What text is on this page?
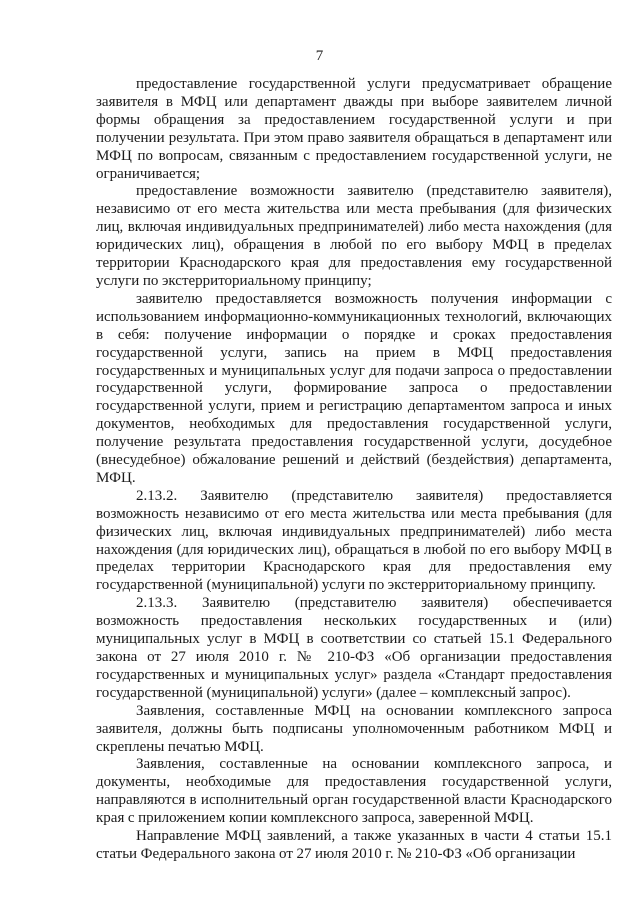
7

предоставление государственной услуги предусматривает обращение заявителя в МФЦ или департамент дважды при выборе заявителем личной формы обращения за предоставлением государственной услуги и при получении результата. При этом право заявителя обращаться в департамент или МФЦ по вопросам, связанным с предоставлением государственной услуги, не ограничивается;

предоставление возможности заявителю (представителю заявителя), независимо от его места жительства или места пребывания (для физических лиц, включая индивидуальных предпринимателей) либо места нахождения (для юридических лиц), обращения в любой по его выбору МФЦ в пределах территории Краснодарского края для предоставления ему государственной услуги по экстерриториальному принципу;

заявителю предоставляется возможность получения информации с использованием информационно-коммуникационных технологий, включающих в себя: получение информации о порядке и сроках предоставления государственной услуги, запись на прием в МФЦ предоставления государственных и муниципальных услуг для подачи запроса о предоставлении государственной услуги, формирование запроса о предоставлении государственной услуги, прием и регистрацию департаментом запроса и иных документов, необходимых для предоставления государственной услуги, получение результата предоставления государственной услуги, досудебное (внесудебное) обжалование решений и действий (бездействия) департамента, МФЦ.

2.13.2. Заявителю (представителю заявителя) предоставляется возможность независимо от его места жительства или места пребывания (для физических лиц, включая индивидуальных предпринимателей) либо места нахождения (для юридических лиц), обращаться в любой по его выбору МФЦ в пределах территории Краснодарского края для предоставления ему государственной (муниципальной) услуги по экстерриториальному принципу.

2.13.3. Заявителю (представителю заявителя) обеспечивается возможность предоставления нескольких государственных и (или) муниципальных услуг в МФЦ в соответствии со статьей 15.1 Федерального закона от 27 июля 2010 г. № 210-ФЗ «Об организации предоставления государственных и муниципальных услуг» раздела «Стандарт предоставления государственной (муниципальной) услуги» (далее – комплексный запрос).

Заявления, составленные МФЦ на основании комплексного запроса заявителя, должны быть подписаны уполномоченным работником МФЦ и скреплены печатью МФЦ.

Заявления, составленные на основании комплексного запроса, и документы, необходимые для предоставления государственной услуги, направляются в исполнительный орган государственной власти Краснодарского края с приложением копии комплексного запроса, заверенной МФЦ.

Направление МФЦ заявлений, а также указанных в части 4 статьи 15.1 статьи Федерального закона от 27 июля 2010 г. № 210-ФЗ «Об организации
